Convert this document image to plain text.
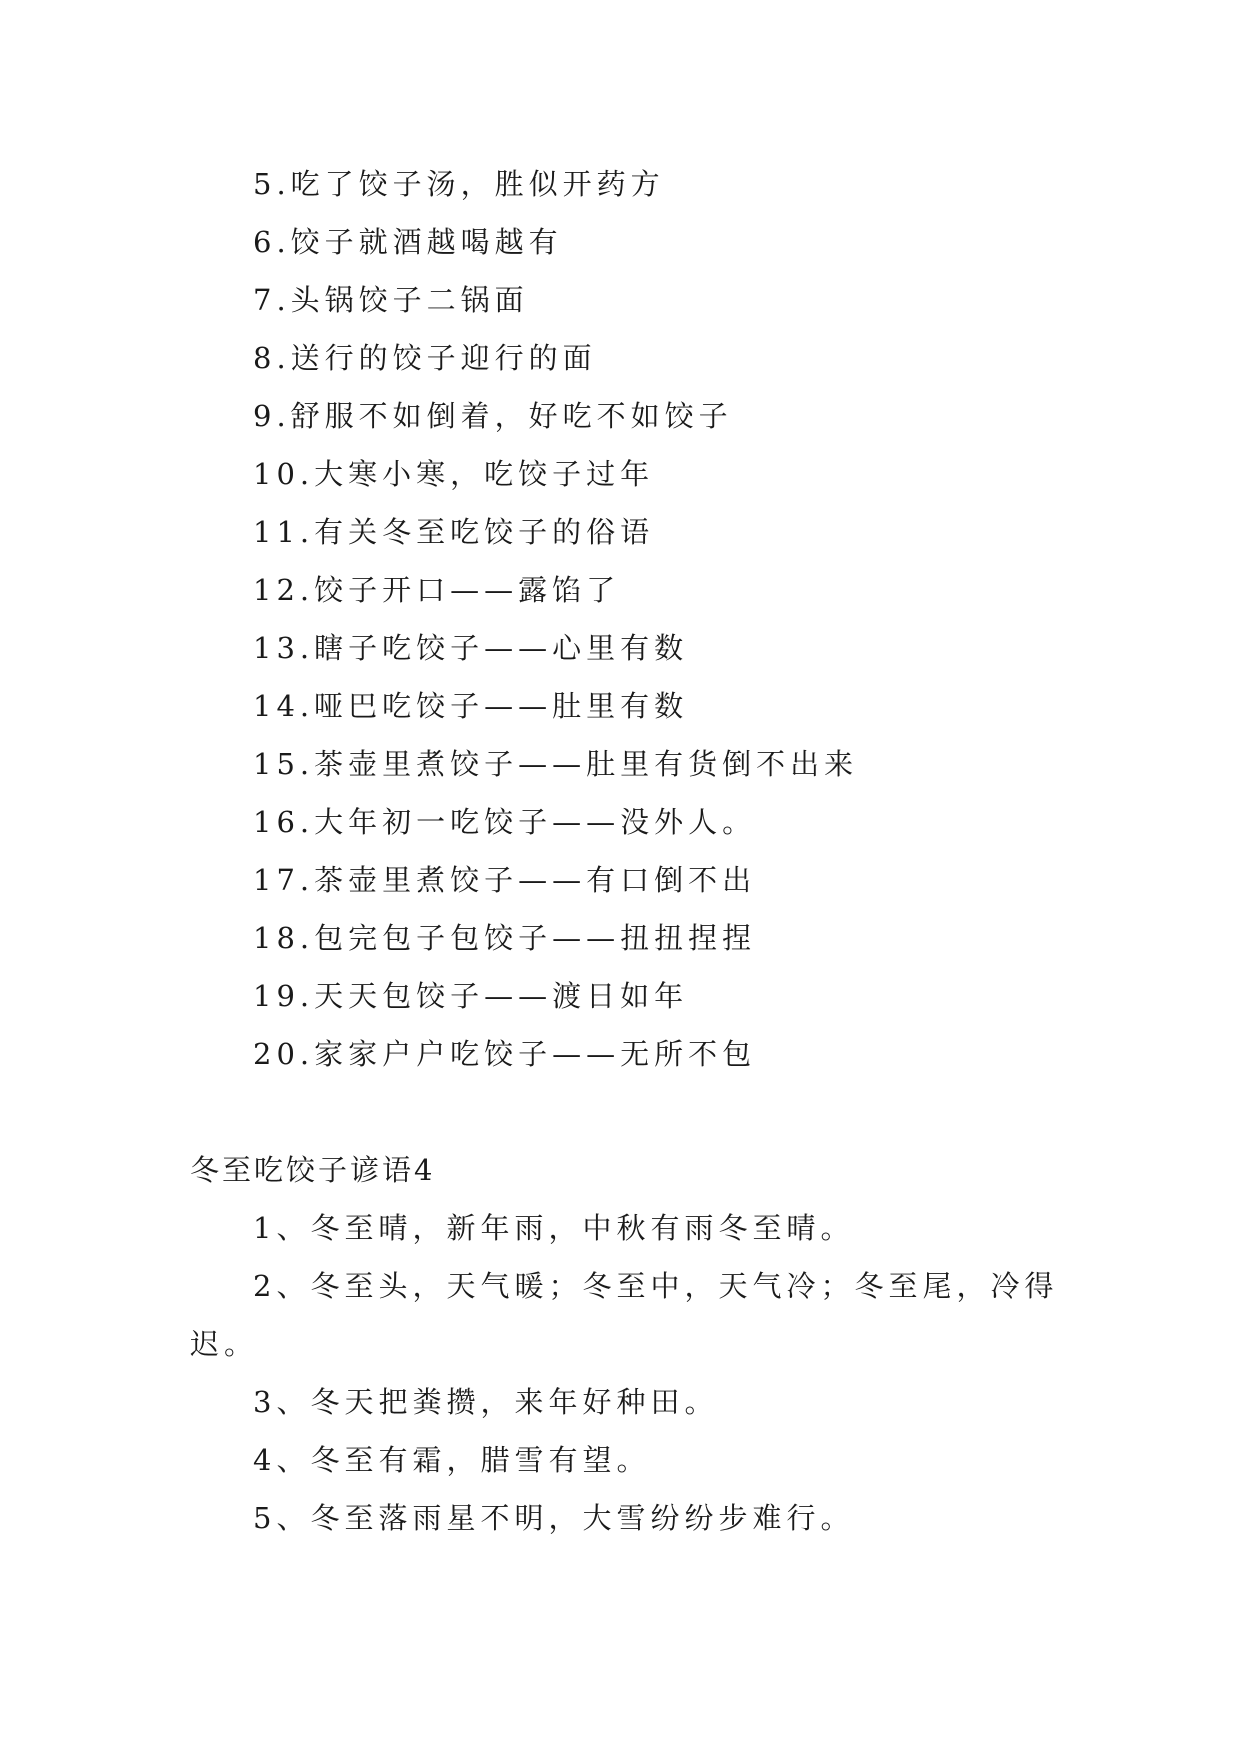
5.吃了饺子汤，胜似开药方
6.饺子就酒越喝越有
7.头锅饺子二锅面
8.送行的饺子迎行的面
9.舒服不如倒着，好吃不如饺子
10.大寒小寒，吃饺子过年
11.有关冬至吃饺子的俗语
12.饺子开口——露馅了
13.瞎子吃饺子——心里有数
14.哑巴吃饺子——肚里有数
15.茶壶里煮饺子——肚里有货倒不出来
16.大年初一吃饺子——没外人。
17.茶壶里煮饺子——有口倒不出
18.包完包子包饺子——扭扭捏捏
19.天天包饺子——渡日如年
20.家家户户吃饺子——无所不包
冬至吃饺子谚语4
1、冬至晴，新年雨，中秋有雨冬至晴。
2、冬至头，天气暖；冬至中，天气冷；冬至尾，冷得
迟。
3、冬天把粪攒，来年好种田。
4、冬至有霜，腊雪有望。
5、冬至落雨星不明，大雪纷纷步难行。
